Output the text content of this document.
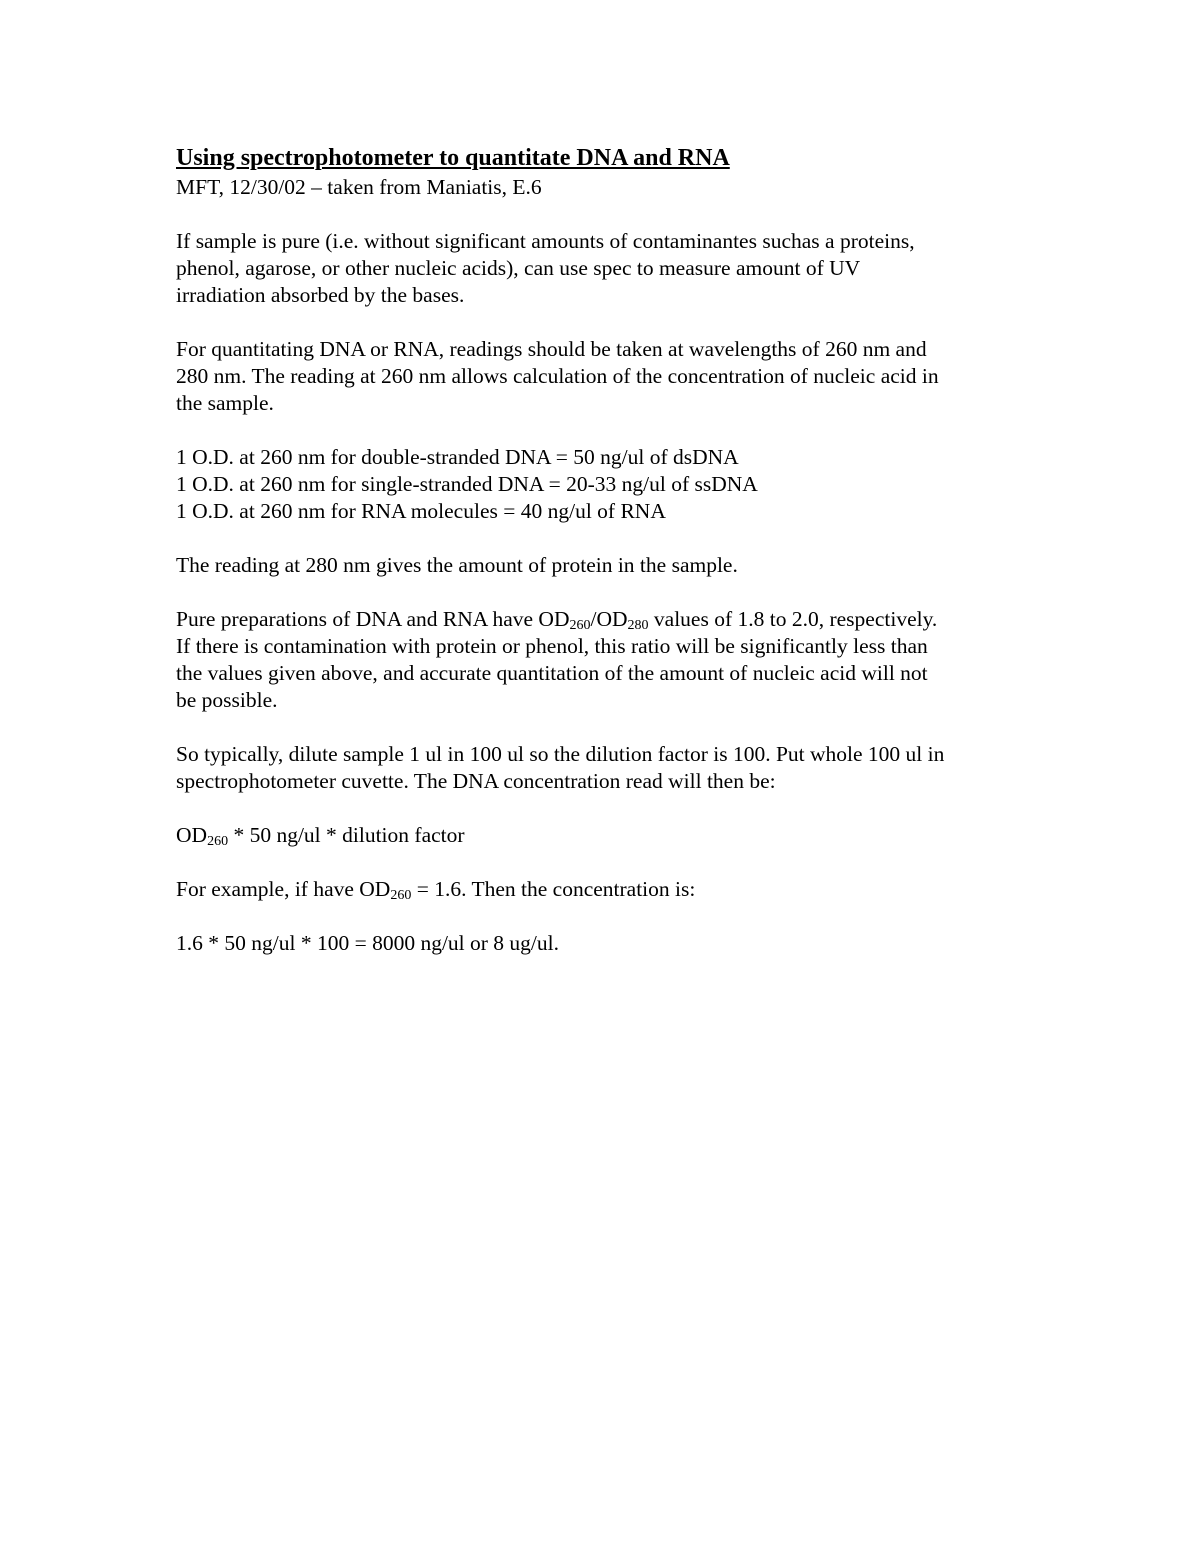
Using spectrophotometer to quantitate DNA and RNA

MFT, 12/30/02 – taken from Maniatis, E.6

If sample is pure (i.e. without significant amounts of contaminantes suchas a proteins,

phenol, agarose, or other nucleic acids), can use spec to measure amount of UV

irradiation absorbed by the bases.

For quantitating DNA or RNA, readings should be taken at wavelengths of 260 nm and

280 nm. The reading at 260 nm allows calculation of the concentration of nucleic acid in

the sample.

1 O.D. at 260 nm for double-stranded DNA = 50 ng/ul of dsDNA

1 O.D. at 260 nm for single-stranded DNA = 20-33 ng/ul of ssDNA

1 O.D. at 260 nm for RNA molecules = 40 ng/ul of RNA

The reading at 280 nm gives the amount of protein in the sample.

Pure preparations of DNA and RNA have $OD_{260}/OD_{280}$ values of 1.8 to 2.0, respectively.

If there is contamination with protein or phenol, this ratio will be significantly less than

the values given above, and accurate quantitation of the amount of nucleic acid will not

be possible.

So typically, dilute sample 1 ul in 100 ul so the dilution factor is 100. Put whole 100 ul in

spectrophotometer cuvette. The DNA concentration read will then be:

$OD_{260} * 50$ ng/ul * dilution factor

For example, if have $OD_{260} = 1.6$. Then the concentration is:

1.6 * 50 ng/ul * 100 = 8000 ng/ul or 8 ug/ul.
